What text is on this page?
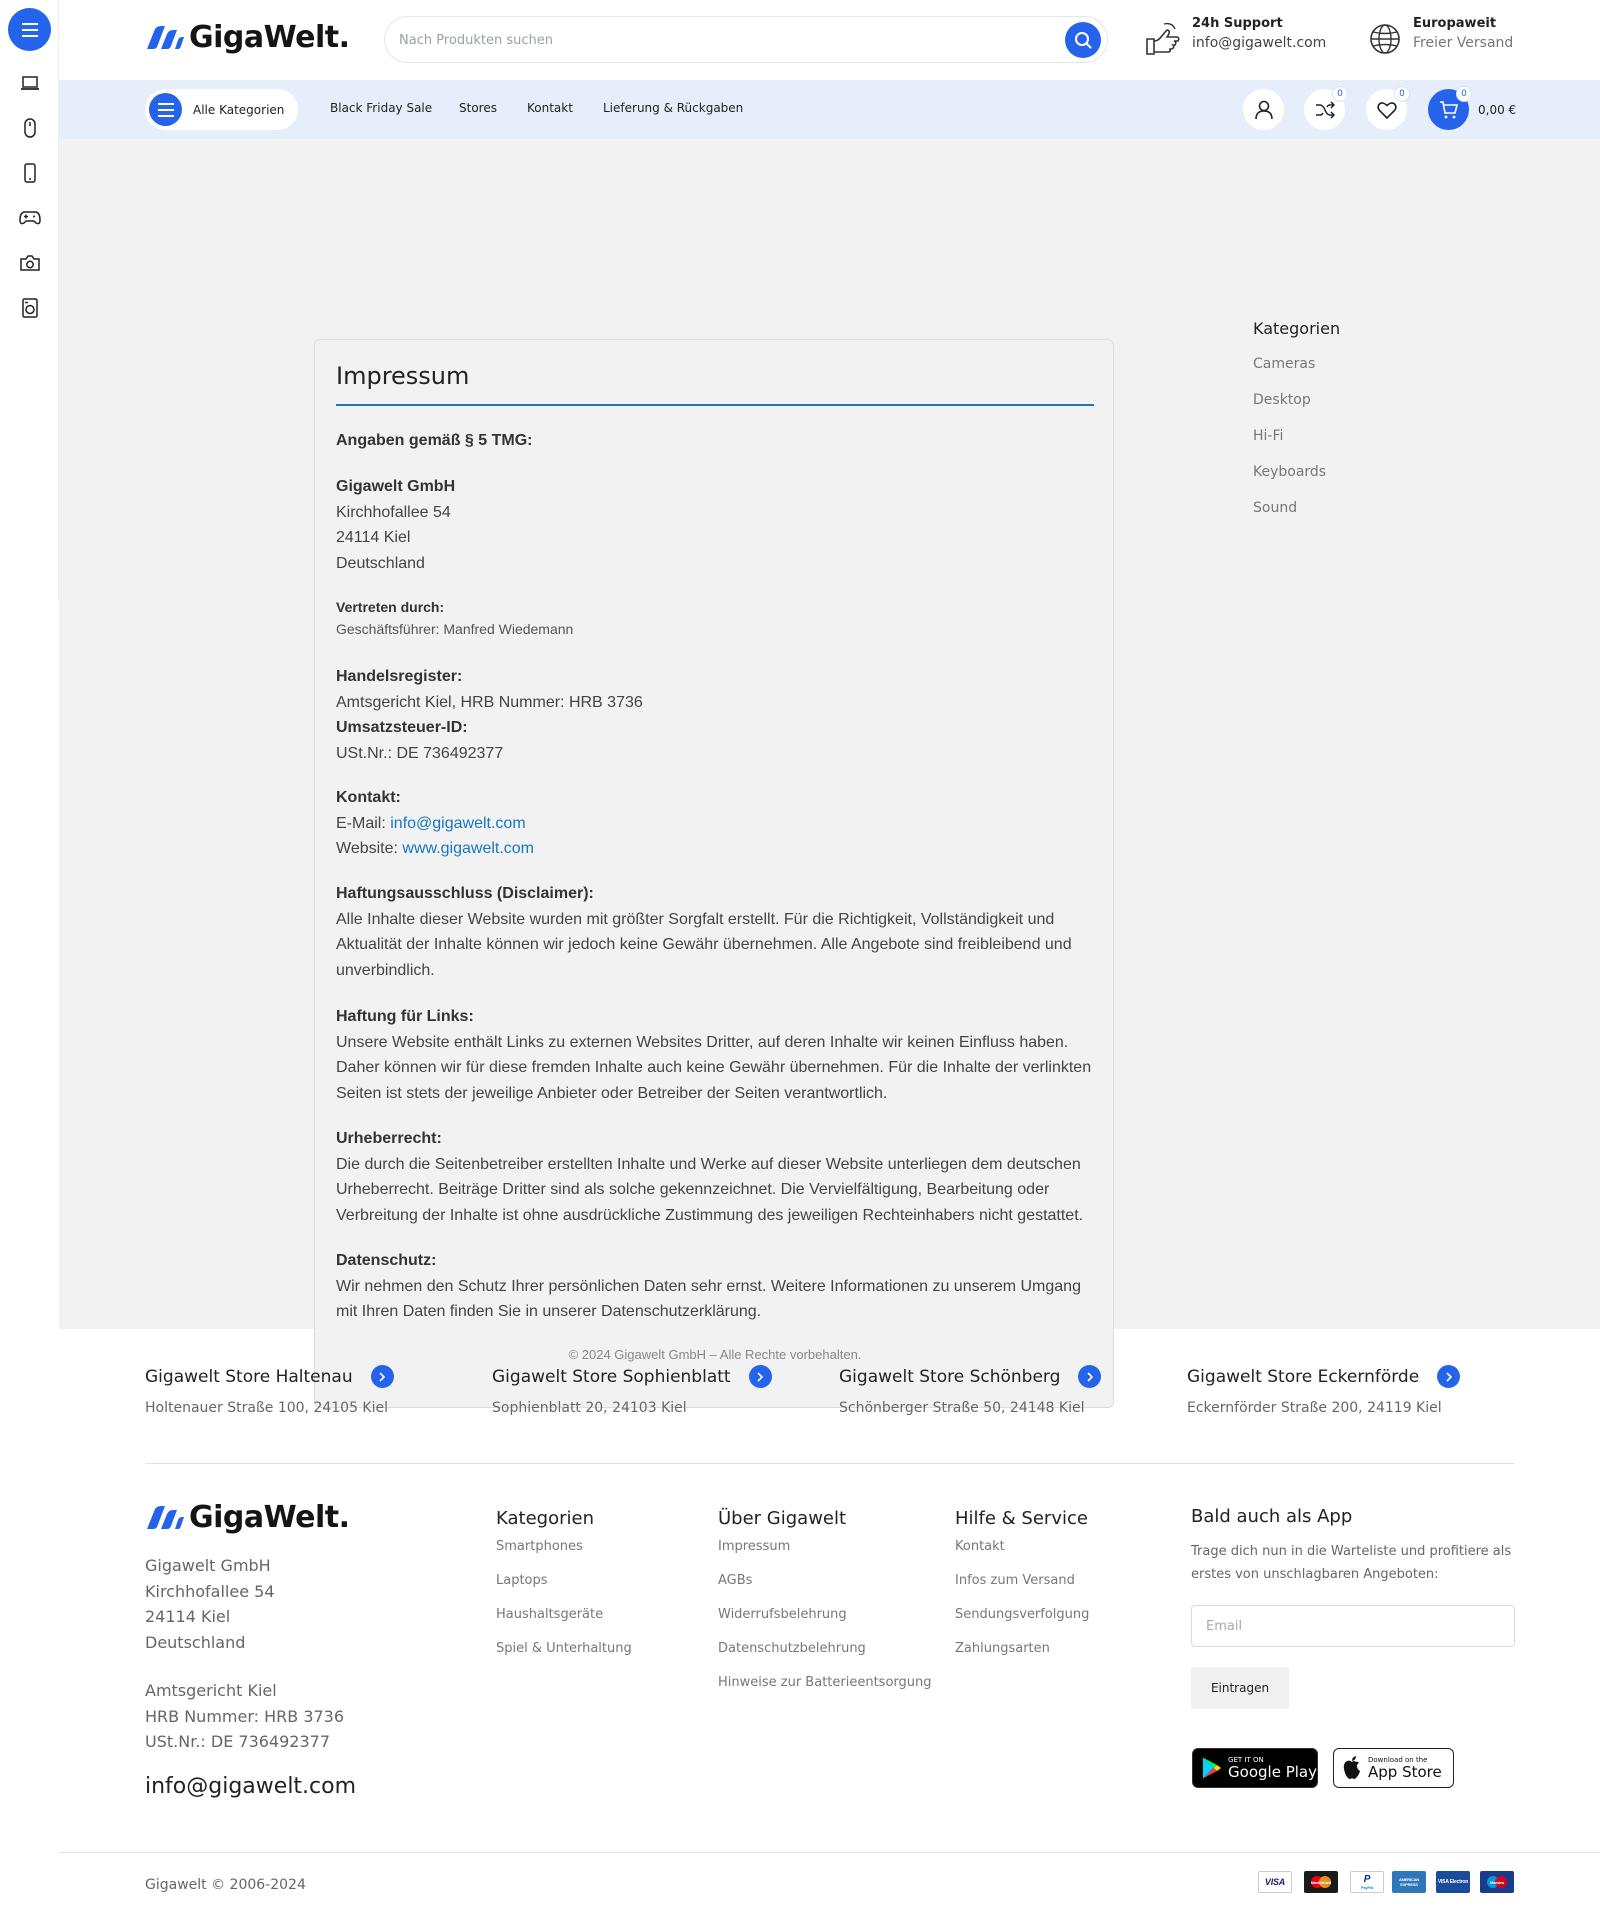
GigaWelt.
Nach Produkten suchen	24h Support
info@gigawelt.com
Europaweit
Freier Versand
Alle Kategorien	Black Friday Sale Stores	Kontakt	Lieferung & Rückgaben
0	0	0
0,00 €
Impressum
Angaben gemäß § 5 TMG:
Gigawelt GmbH
Kirchhofallee 54
24114 Kiel
Deutschland
Vertreten durch:
Geschäftsführer: Manfred Wiedemann
Handelsregister:
Amtsgericht Kiel, HRB Nummer: HRB 3736
Umsatzsteuer-ID:
USt.Nr.: DE 736492377
Kontakt:
E-Mail: info@gigawelt.com
Website: www.gigawelt.com
Haftungsausschluss (Disclaimer):
Alle Inhalte dieser Website wurden mit größter Sorgfalt erstellt. Für die Richtigkeit, Vollständigkeit und Aktualität der Inhalte können wir jedoch keine Gewähr übernehmen. Alle Angebote sind freibleibend und unverbindlich.
Haftung für Links:
Unsere Website enthält Links zu externen Websites Dritter, auf deren Inhalte wir keinen Einfluss haben. Daher können wir für diese fremden Inhalte auch keine Gewähr übernehmen. Für die Inhalte der verlinkten Seiten ist stets der jeweilige Anbieter oder Betreiber der Seiten verantwortlich.
Urheberrecht:
Die durch die Seitenbetreiber erstellten Inhalte und Werke auf dieser Website unterliegen dem deutschen Urheberrecht. Beiträge Dritter sind als solche gekennzeichnet. Die Vervielfältigung, Bearbeitung oder Verbreitung der Inhalte ist ohne ausdrückliche Zustimmung des jeweiligen Rechteinhabers nicht gestattet.
Datenschutz:
Wir nehmen den Schutz Ihrer persönlichen Daten sehr ernst. Weitere Informationen zu unserem Umgang mit Ihren Daten finden Sie in unserer Datenschutzerklärung.
© 2024 Gigawelt GmbH – Alle Rechte vorbehalten.
Kategorien
Cameras
Desktop
Hi-Fi
Keyboards
Sound
Gigawelt Store Haltenau
Holtenauer Straße 100, 24105 Kiel
Gigawelt Store Sophienblatt
Sophienblatt 20, 24103 Kiel
Gigawelt Store Schönberg
Schönberger Straße 50, 24148 Kiel
Gigawelt Store Eckernförde
Eckernförder Straße 200, 24119 Kiel
GigaWelt.
Gigawelt GmbH
Kirchhofallee 54
24114 Kiel
Deutschland
Amtsgericht Kiel
HRB Nummer: HRB 3736
USt.Nr.: DE 736492377
info@gigawelt.com
Kategorien
Smartphones
Laptops
Haushaltsgeräte
Spiel & Unterhaltung
Über Gigawelt
Impressum
AGBs
Widerrufsbelehrung
Datenschutzbelehrung
Hinweise zur Batterieentsorgung
Hilfe & Service
Kontakt
Infos zum Versand
Sendungsverfolgung
Zahlungsarten
Bald auch als App
Trage dich nun in die Warteliste und profitiere als erstes von unschlagbaren Angeboten:
Email
Eintragen
GET IT ON
Google Play
Download on the
App Store
Gigawelt © 2006-2024	VISA	MasterCard	P
PayPal
AMERICAN EXPRESS	VISA Electron	Maestro
